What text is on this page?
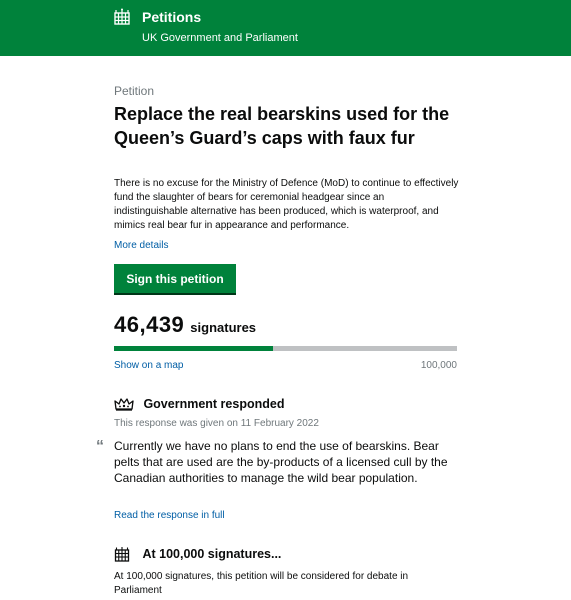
Petitions
UK Government and Parliament
Petition
Replace the real bearskins used for the Queen’s Guard’s caps with faux fur

There is no excuse for the Ministry of Defence (MoD) to continue to effectively fund the slaughter of bears for ceremonial headgear since an indistinguishable alternative has been produced, which is waterproof, and mimics real bear fur in appearance and performance.

More details
Sign this petition
46,439 signatures
Show on a map	100,000
Government responded
This response was given on 11 February 2022
“ Currently we have no plans to end the use of bearskins. Bear pelts that are used are the by-products of a licensed cull by the Canadian authorities to manage the wild bear population.

Read the response in full
At 100,000 signatures...

At 100,000 signatures, this petition will be considered for debate in Parliament
